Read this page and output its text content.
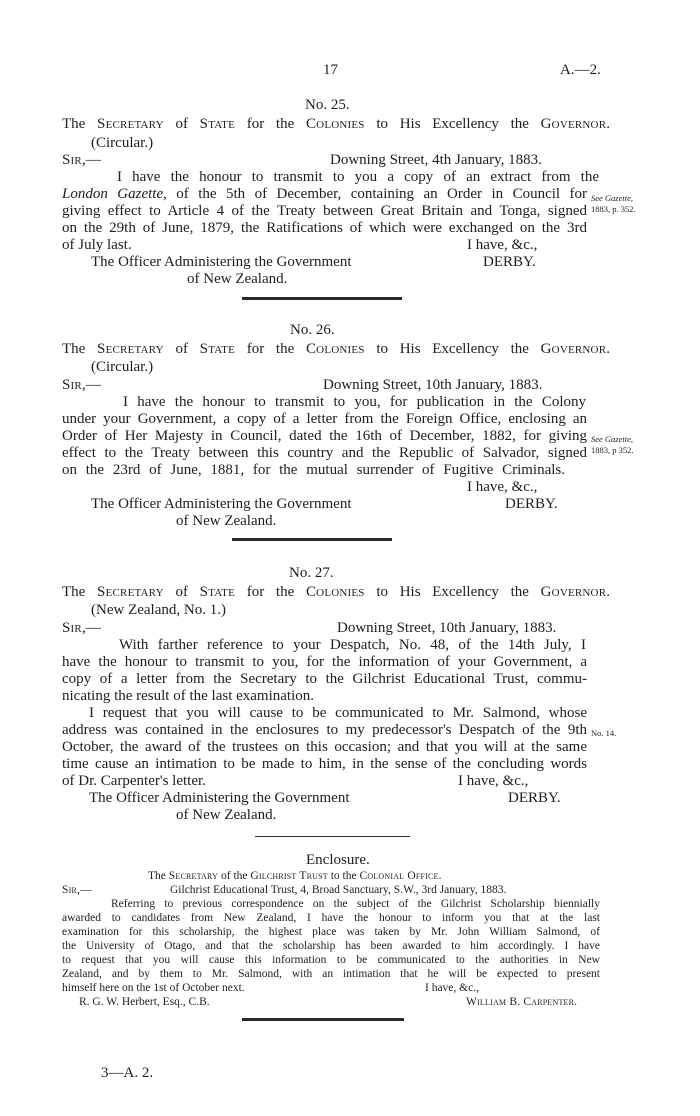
17	A.—2.
No. 25.
The Secretary of State for the Colonies to His Excellency the Governor.
(Circular.)
Sir,—	Downing Street, 4th January, 1883.
I have the honour to transmit to you a copy of an extract from the
London Gazette, of the 5th of December, containing an Order in Council for
giving effect to Article 4 of the Treaty between Great Britain and Tonga, signed
on the 29th of June, 1879, the Ratifications of which were exchanged on the 3rd
of July last.	I have, &c.,
The Officer Administering the Government	DERBY.
of New Zealand.
See Gazette,
1883, p. 352.
No. 26.
The Secretary of State for the Colonies to His Excellency the Governor.
(Circular.)
Sir,—	Downing Street, 10th January, 1883.
I have the honour to transmit to you, for publication in the Colony
under your Government, a copy of a letter from the Foreign Office, enclosing an
Order of Her Majesty in Council, dated the 16th of December, 1882, for giving
effect to the Treaty between this country and the Republic of Salvador, signed
on the 23rd of June, 1881, for the mutual surrender of Fugitive Criminals.
I have, &c.,
The Officer Administering the Government	DERBY.
of New Zealand.
See Gazette,
1883, p 352.
No. 27.
The Secretary of State for the Colonies to His Excellency the Governor.
(New Zealand, No. 1.)
Sir,—	Downing Street, 10th January, 1883.
With farther reference to your Despatch, No. 48, of the 14th July, I
have the honour to transmit to you, for the information of your Government, a
copy of a letter from the Secretary to the Gilchrist Educational Trust, commu-
nicating the result of the last examination.
I request that you will cause to be communicated to Mr. Salmond, whose
address was contained in the enclosures to my predecessor's Despatch of the 9th
October, the award of the trustees on this occasion; and that you will at the same
time cause an intimation to be made to him, in the sense of the concluding words
of Dr. Carpenter's letter.	I have, &c.,
The Officer Administering the Government	DERBY.
of New Zealand.
No. 14.
Enclosure.
The Secretary of the Gilchrist Trust to the Colonial Office.
Sir,—	Gilchrist Educational Trust, 4, Broad Sanctuary, S.W., 3rd January, 1883.
Referring to previous correspondence on the subject of the Gilchrist Scholarship biennially
awarded to candidates from New Zealand, I have the honour to inform you that at the last
examination for this scholarship, the highest place was taken by Mr. John William Salmond, of
the University of Otago, and that the scholarship has been awarded to him accordingly. I have
to request that you will cause this information to be communicated to the authorities in New
Zealand, and by them to Mr. Salmond, with an intimation that he will be expected to present
himself here on the 1st of October next.	I have, &c.,
R. G. W. Herbert, Esq., C.B.	William B. Carpenter.
3—A. 2.
